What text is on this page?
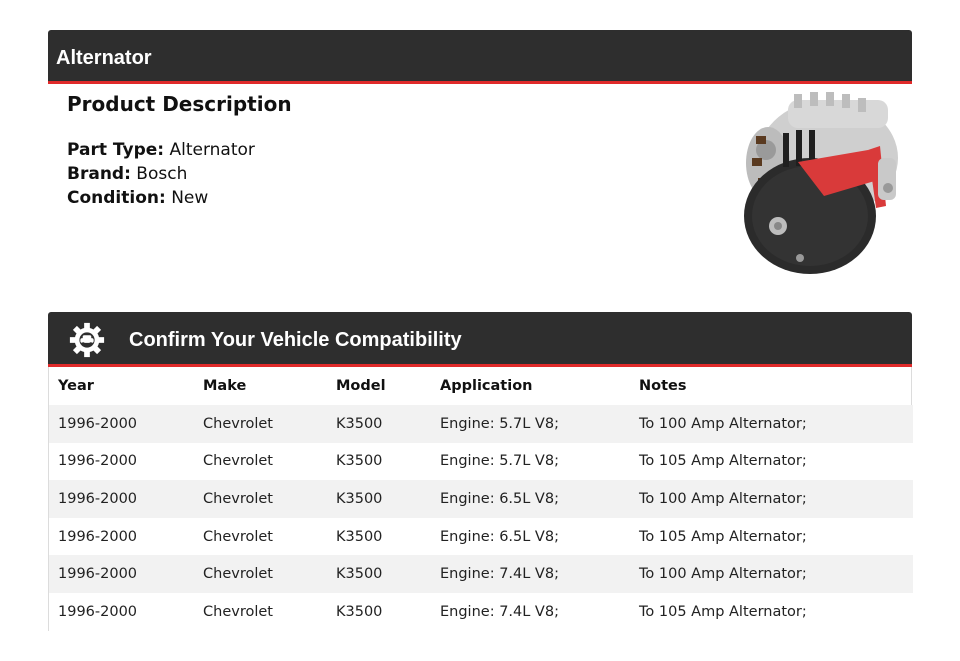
Alternator
Product Description
Part Type: Alternator
Brand: Bosch
Condition: New
Confirm Your Vehicle Compatibility
Year	Make	Model	Application	Notes
1996-2000	Chevrolet	K3500	Engine: 5.7L V8;	To 100 Amp Alternator;
1996-2000	Chevrolet	K3500	Engine: 5.7L V8;	To 105 Amp Alternator;
1996-2000	Chevrolet	K3500	Engine: 6.5L V8;	To 100 Amp Alternator;
1996-2000	Chevrolet	K3500	Engine: 6.5L V8;	To 105 Amp Alternator;
1996-2000	Chevrolet	K3500	Engine: 7.4L V8;	To 100 Amp Alternator;
1996-2000	Chevrolet	K3500	Engine: 7.4L V8;	To 105 Amp Alternator;
